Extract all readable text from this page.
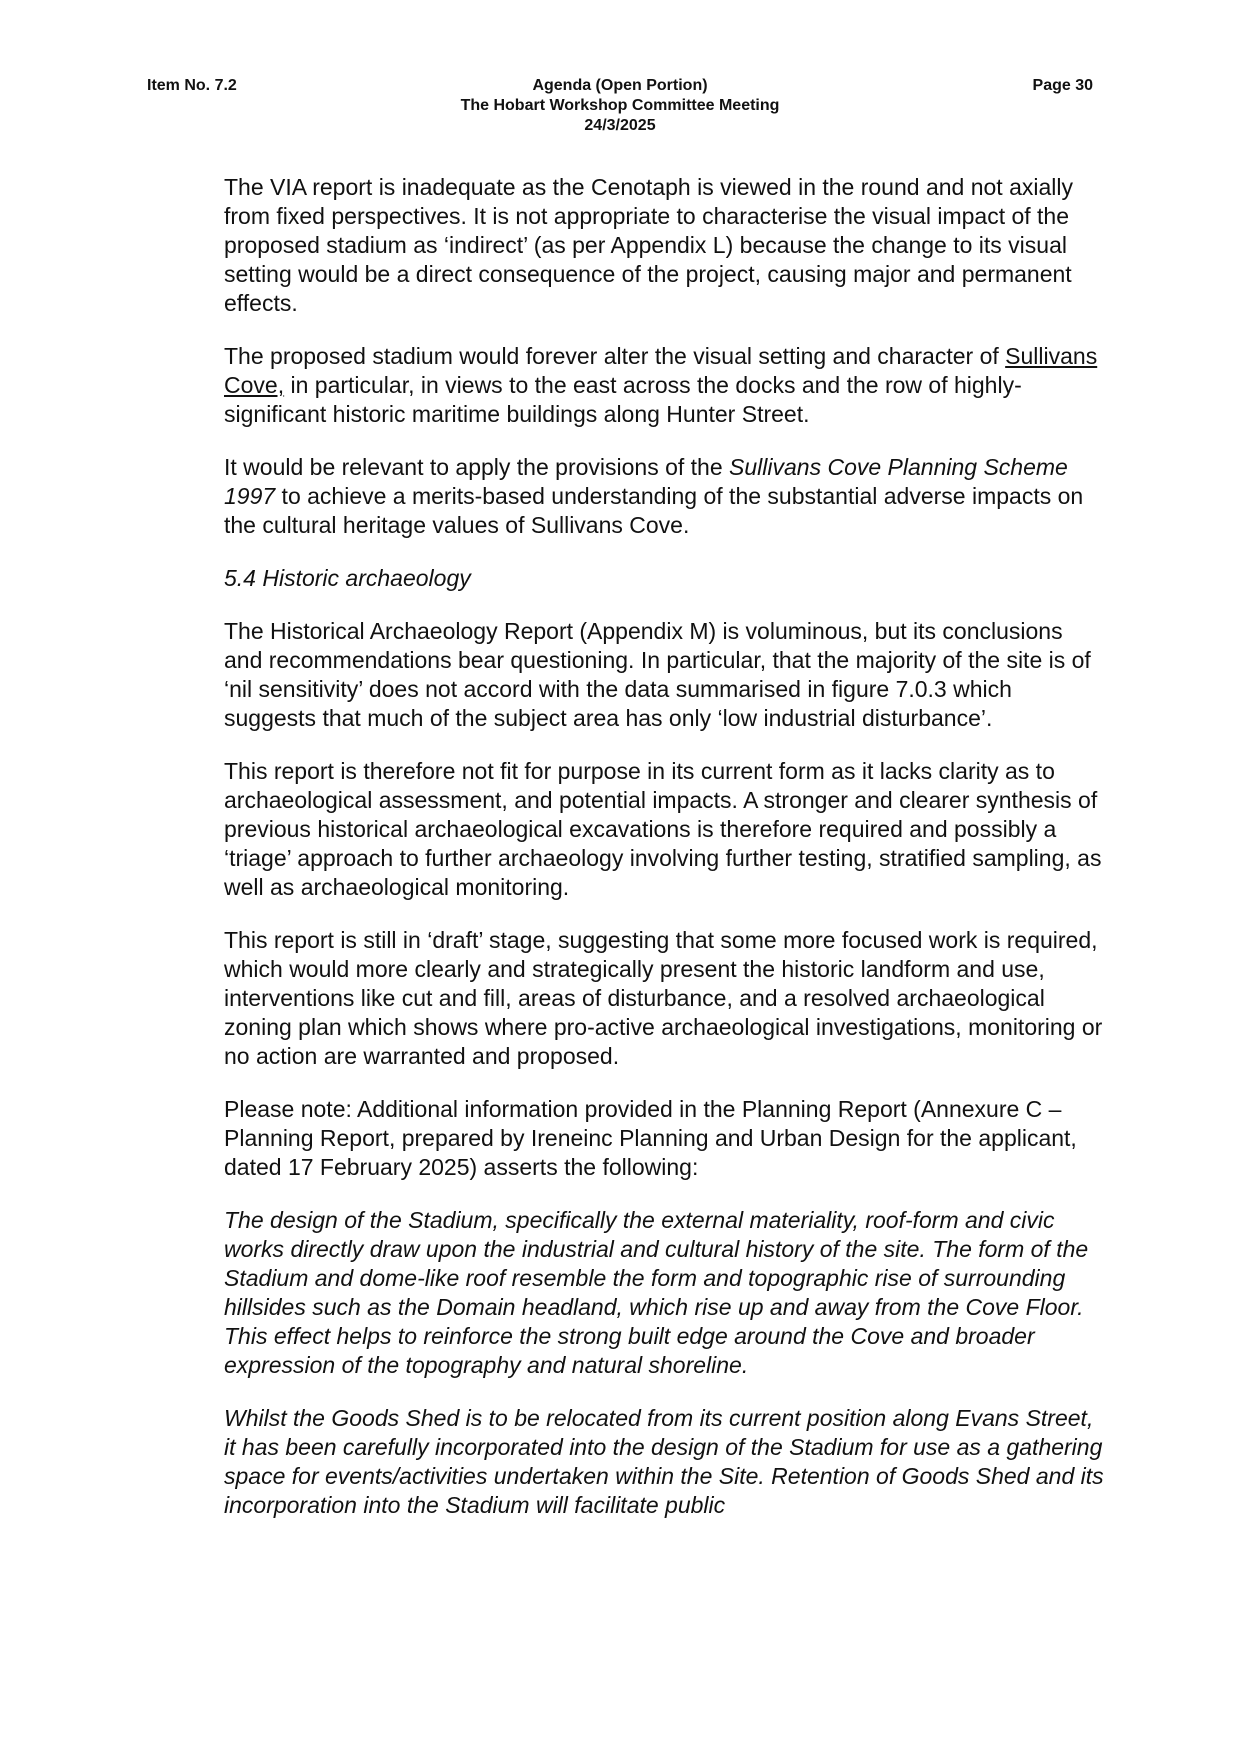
Item No. 7.2	Agenda (Open Portion)
The Hobart Workshop Committee Meeting
24/3/2025
Page 30

The VIA report is inadequate as the Cenotaph is viewed in the round and not axially from fixed perspectives. It is not appropriate to characterise the visual impact of the proposed stadium as ‘indirect’ (as per Appendix L) because the change to its visual setting would be a direct consequence of the project, causing major and permanent effects.

The proposed stadium would forever alter the visual setting and character of Sullivans Cove, in particular, in views to the east across the docks and the row of highly-significant historic maritime buildings along Hunter Street.

It would be relevant to apply the provisions of the Sullivans Cove Planning Scheme 1997 to achieve a merits-based understanding of the substantial adverse impacts on the cultural heritage values of Sullivans Cove.

5.4 Historic archaeology

The Historical Archaeology Report (Appendix M) is voluminous, but its conclusions and recommendations bear questioning. In particular, that the majority of the site is of ‘nil sensitivity’ does not accord with the data summarised in figure 7.0.3 which suggests that much of the subject area has only ‘low industrial disturbance’.

This report is therefore not fit for purpose in its current form as it lacks clarity as to archaeological assessment, and potential impacts. A stronger and clearer synthesis of previous historical archaeological excavations is therefore required and possibly a ‘triage’ approach to further archaeology involving further testing, stratified sampling, as well as archaeological monitoring.

This report is still in ‘draft’ stage, suggesting that some more focused work is required, which would more clearly and strategically present the historic landform and use, interventions like cut and fill, areas of disturbance, and a resolved archaeological zoning plan which shows where pro-active archaeological investigations, monitoring or no action are warranted and proposed.

Please note: Additional information provided in the Planning Report (Annexure C – Planning Report, prepared by Ireneinc Planning and Urban Design for the applicant, dated 17 February 2025) asserts the following:

The design of the Stadium, specifically the external materiality, roof-form and civic works directly draw upon the industrial and cultural history of the site. The form of the Stadium and dome-like roof resemble the form and topographic rise of surrounding hillsides such as the Domain headland, which rise up and away from the Cove Floor. This effect helps to reinforce the strong built edge around the Cove and broader expression of the topography and natural shoreline.

Whilst the Goods Shed is to be relocated from its current position along Evans Street, it has been carefully incorporated into the design of the Stadium for use as a gathering space for events/activities undertaken within the Site. Retention of Goods Shed and its incorporation into the Stadium will facilitate public
